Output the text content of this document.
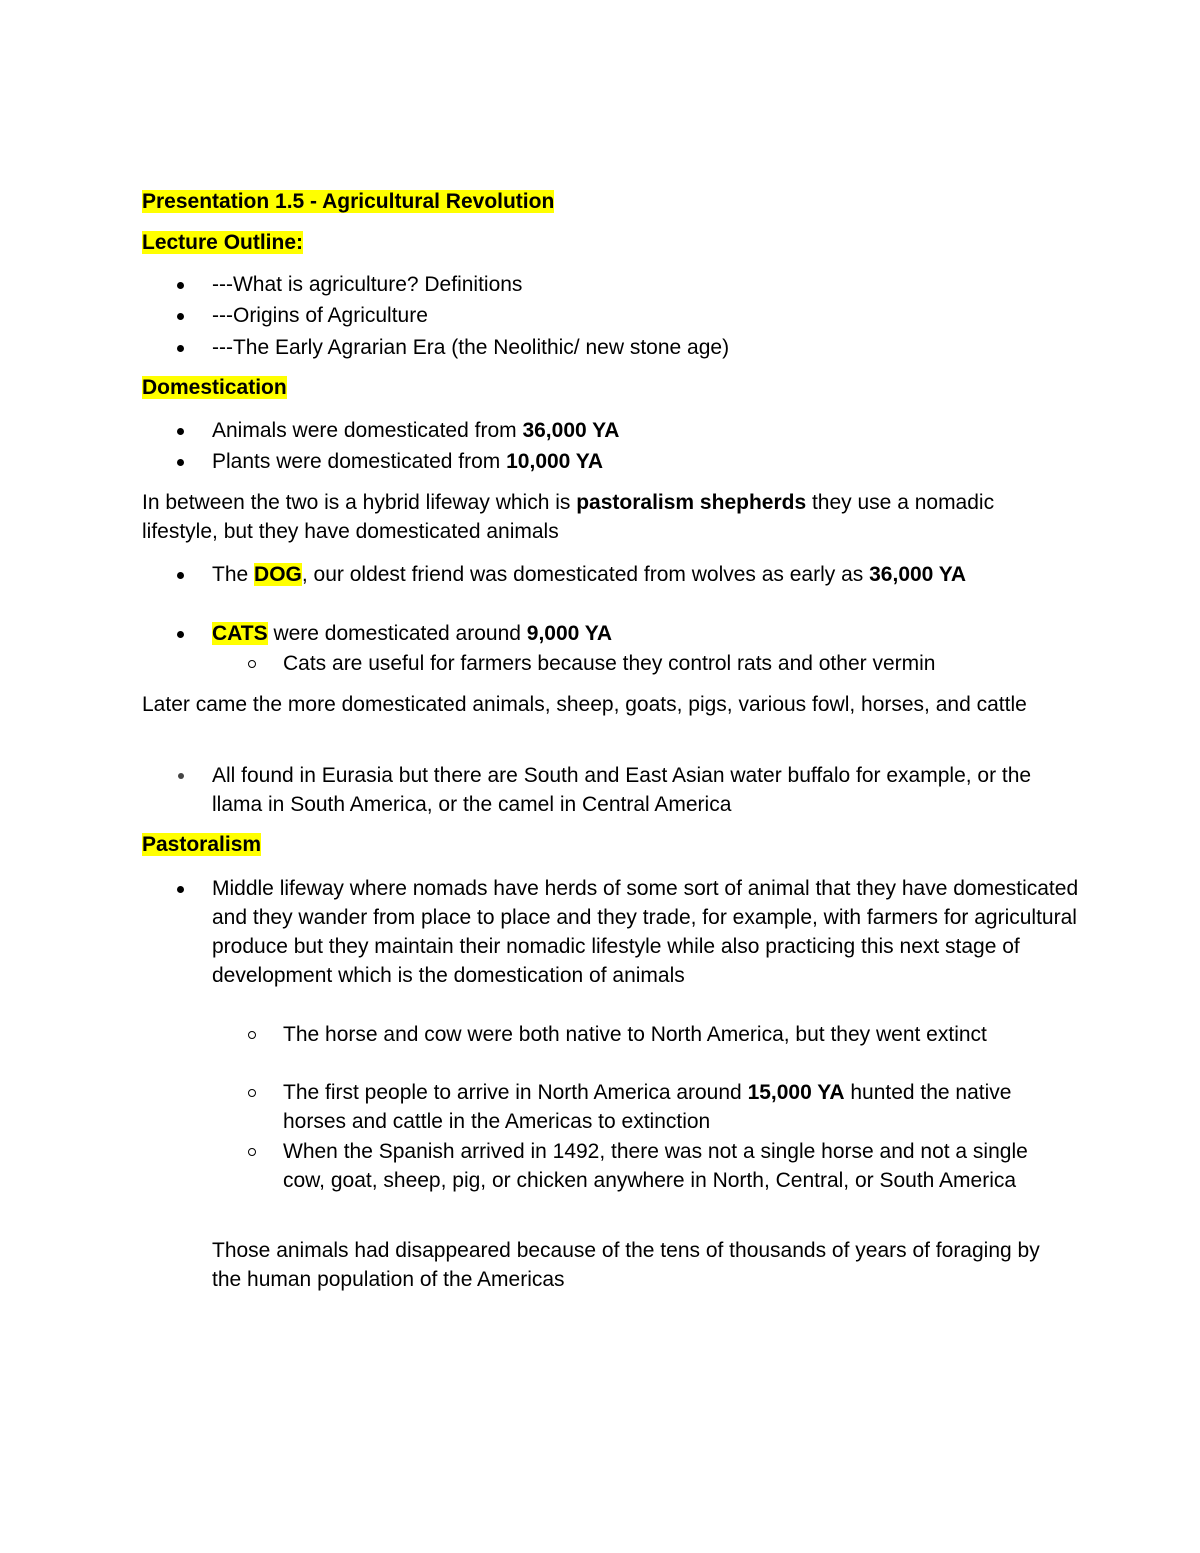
Presentation 1.5 - Agricultural Revolution
Lecture Outline:

---What is agriculture? Definitions

---Origins of Agriculture

---The Early Agrarian Era (the Neolithic/ new stone age)

Domestication

Animals were domesticated from 36,000 YA

Plants were domesticated from 10,000 YA

In between the two is a hybrid lifeway which is pastoralism shepherds they use a nomadic lifestyle, but they have domesticated animals

The DOG, our oldest friend was domesticated from wolves as early as 36,000 YA

CATS were domesticated around 9,000 YA

Cats are useful for farmers because they control rats and other vermin

Later came the more domesticated animals, sheep, goats, pigs, various fowl, horses, and cattle

All found in Eurasia but there are South and East Asian water buffalo for example, or the llama in South America, or the camel in Central America

Pastoralism

Middle lifeway where nomads have herds of some sort of animal that they have domesticated and they wander from place to place and they trade, for example, with farmers for agricultural produce but they maintain their nomadic lifestyle while also practicing this next stage of development which is the domestication of animals

The horse and cow were both native to North America, but they went extinct

The first people to arrive in North America around 15,000 YA hunted the native horses and cattle in the Americas to extinction

When the Spanish arrived in 1492, there was not a single horse and not a single cow, goat, sheep, pig, or chicken anywhere in North, Central, or South America

Those animals had disappeared because of the tens of thousands of years of foraging by the human population of the Americas
